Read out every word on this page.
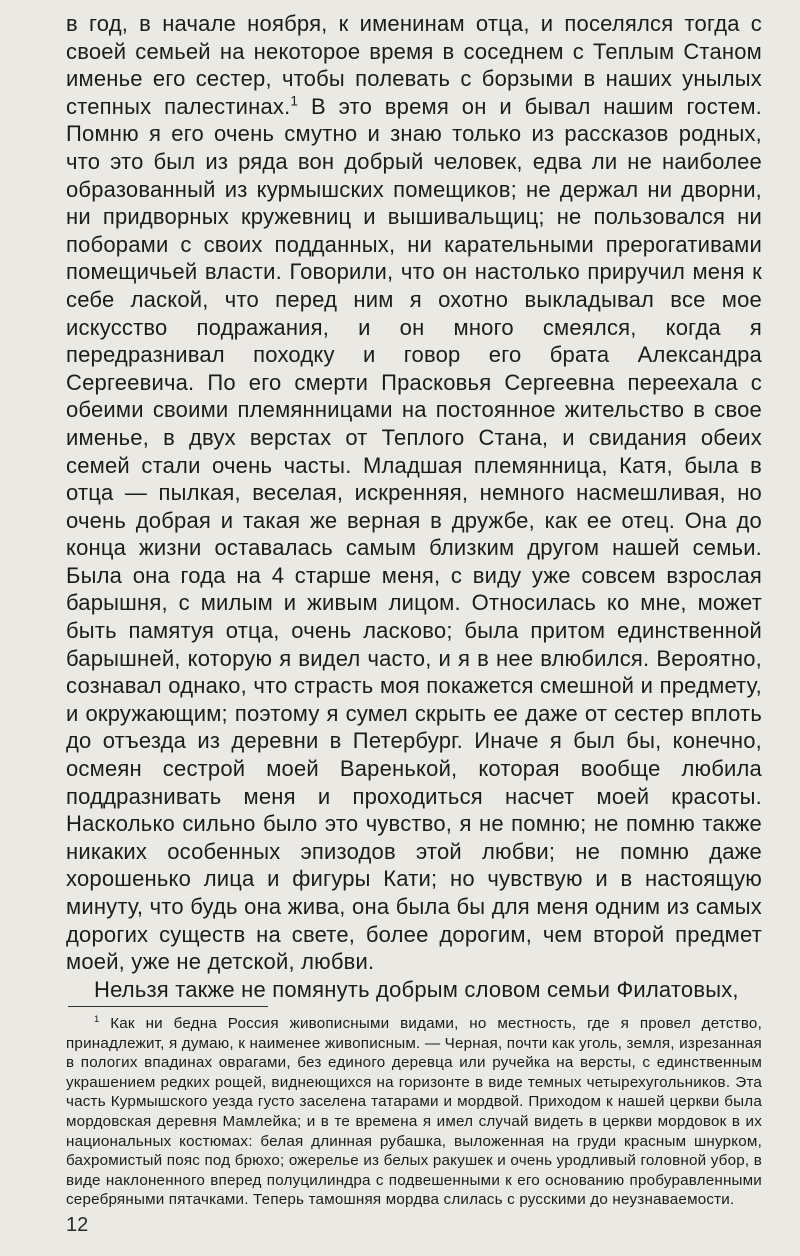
в год, в начале ноября, к именинам отца, и поселялся тогда с своей семьей на некоторое время в соседнем с Теплым Станом именье его сестер, чтобы полевать с борзыми в наших унылых степных палестинах.$^1$ В это время он и бывал нашим гостем. Помню я его очень смутно и знаю только из рассказов родных, что это был из ряда вон добрый человек, едва ли не наиболее образованный из курмышских помещиков; не держал ни дворни, ни придворных кружевниц и вышивальщиц; не пользовался ни поборами с своих подданных, ни карательными прерогативами помещичьей власти. Говорили, что он настолько приручил меня к себе лаской, что перед ним я охотно выкладывал все мое искусство подражания, и он много смеялся, когда я передразнивал походку и говор его брата Александра Сергеевича. По его смерти Прасковья Сергеевна переехала с обеими своими племянницами на постоянное жительство в свое именье, в двух верстах от Теплого Стана, и свидания обеих семей стали очень часты. Младшая племянница, Катя, была в отца — пылкая, веселая, искренняя, немного насмешливая, но очень добрая и такая же верная в дружбе, как ее отец. Она до конца жизни оставалась самым близким другом нашей семьи. Была она года на 4 старше меня, с виду уже совсем взрослая барышня, с милым и живым лицом. Относилась ко мне, может быть памятуя отца, очень ласково; была притом единственной барышней, которую я видел часто, и я в нее влюбился. Вероятно, сознавал однако, что страсть моя покажется смешной и предмету, и окружающим; поэтому я сумел скрыть ее даже от сестер вплоть до отъезда из деревни в Петербург. Иначе я был бы, конечно, осмеян сестрой моей Варенькой, которая вообще любила поддразнивать меня и проходиться насчет моей красоты. Насколько сильно было это чувство, я не помню; не помню также никаких особенных эпизодов этой любви; не помню даже хорошенько лица и фигуры Кати; но чувствую и в настоящую минуту, что будь она жива, она была бы для меня одним из самых дорогих существ на свете, более дорогим, чем второй предмет моей, уже не детской, любви.

Нельзя также не помянуть добрым словом семьи Филатовых,

$^1$ Как ни бедна Россия живописными видами, но местность, где я провел детство, принадлежит, я думаю, к наименее живописным. — Черная, почти как уголь, земля, изрезанная в пологих впадинах оврагами, без единого деревца или ручейка на версты, с единственным украшением редких рощей, виднеющихся на горизонте в виде темных четырехугольников. Эта часть Курмышского уезда густо заселена татарами и мордвой. Приходом к нашей церкви была мордовская деревня Мамлейка; и в те времена я имел случай видеть в церкви мордовок в их национальных костюмах: белая длинная рубашка, выложенная на груди красным шнурком, бахромистый пояс под брюхо; ожерелье из белых ракушек и очень уродливый головной убор, в виде наклоненного вперед полуцилиндра с подвешенными к его основанию пробуравленными серебряными пятачками. Теперь тамошняя мордва слилась с русскими до неузнаваемости.

12
